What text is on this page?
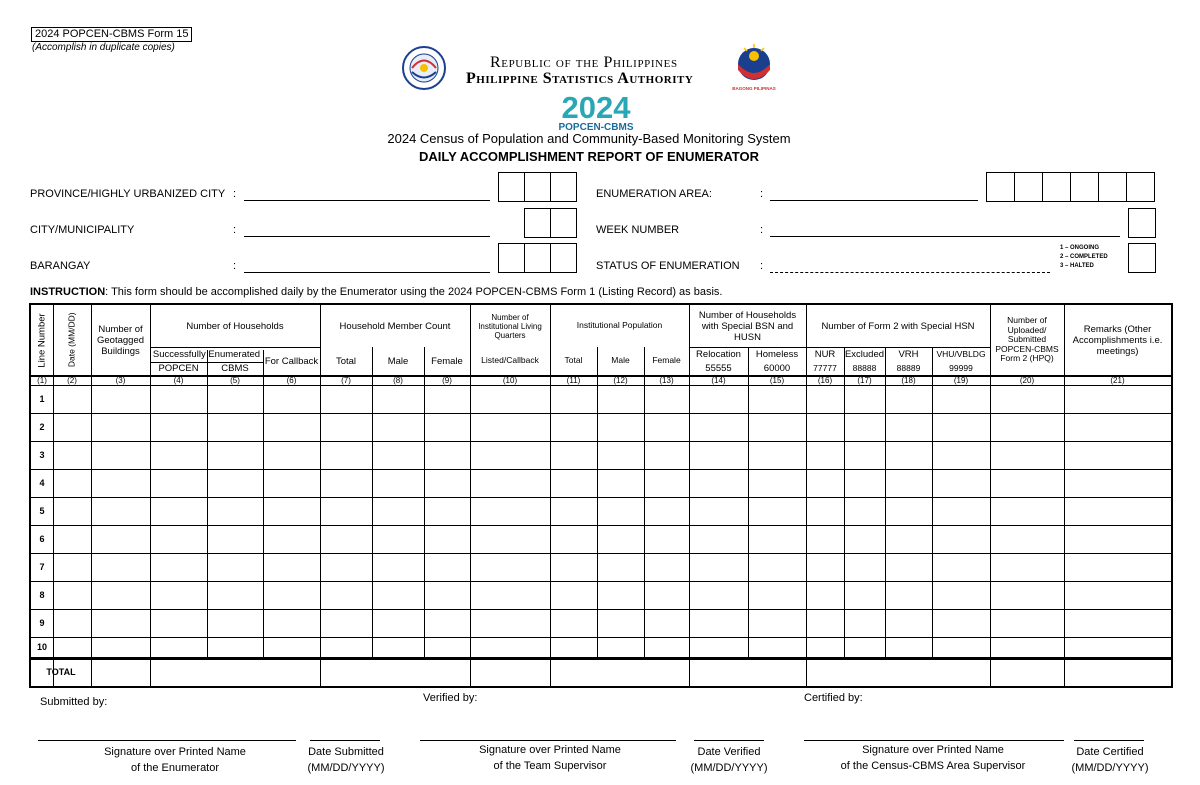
2024 POPCEN-CBMS Form 15
(Accomplish in duplicate copies)
Republic of the Philippines
Philippine Statistics Authority
BAGONG PILIPINAS
2024
POPCEN-CBMS
2024 Census of Population and Community-Based Monitoring System
DAILY ACCOMPLISHMENT REPORT OF ENUMERATOR
PROVINCE/HIGHLY URBANIZED CITY :
CITY/MUNICIPALITY	:
BARANGAY	:
ENUMERATION AREA:	:
WEEK NUMBER	:
STATUS OF ENUMERATION :
1 – ONGOING
2 – COMPLETED
3 – HALTED
INSTRUCTION: This form should be accomplished daily by the Enumerator using the 2024 POPCEN-CBMS Form 1 (Listing Record) as basis.
Line Number Date (MM/DD)	Number of Geotagged Buildings
Number of Households
Successfully Enumerated
POPCEN	CBMS
For Callback
Household Member Count
Total	Male	Female
Number of Institutional Living Quarters
Listed/Callback
Institutional Population
Total	Male	Female
Number of Households with Special BSN and HUSN
Relocation	Homeless
55555	60000
Number of Form 2 with Special HSN
NUR	Excluded	VRH	VHU/VBLDG
77777	88888	88889	99999
Number of Uploaded/ Submitted POPCEN-CBMS Form 2 (HPQ)
Remarks (Other Accomplishments i.e. meetings)
(1)	(2)	(3)	(4)	(5)	(6)	(7)	(8)	(9)	(10)	(11)	(12)	(13)	(14)	(15)	(16)	(17)	(18)	(19)	(20)	(21)
1
2
3
4
5
6
7
8
9
10
TOTAL
Submitted by:	Verified by:	Certified by:
Signature over Printed Name
of the Enumerator
Date Submitted
(MM/DD/YYYY)
Signature over Printed Name
of the Team Supervisor
Date Verified
(MM/DD/YYYY)
Signature over Printed Name
of the Census-CBMS Area Supervisor
Date Certified
(MM/DD/YYYY)
